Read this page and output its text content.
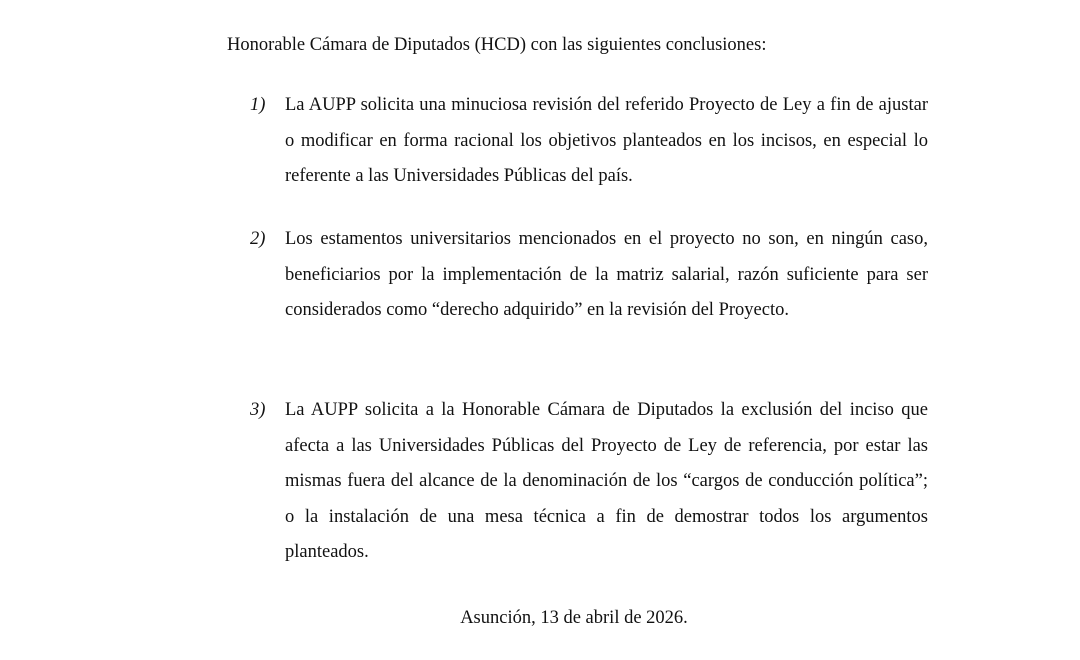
Honorable Cámara de Diputados (HCD) con las siguientes conclusiones:
1) La AUPP solicita una minuciosa revisión del referido Proyecto de Ley a fin de ajustar o modificar en forma racional los objetivos planteados en los incisos, en especial lo referente a las Universidades Públicas del país.
2) Los estamentos universitarios mencionados en el proyecto no son, en ningún caso, beneficiarios por la implementación de la matriz salarial, razón suficiente para ser considerados como “derecho adquirido” en la revisión del Proyecto.
3) La AUPP solicita a la Honorable Cámara de Diputados la exclusión del inciso que afecta a las Universidades Públicas del Proyecto de Ley de referencia, por estar las mismas fuera del alcance de la denominación de los “cargos de conducción política”; o la instalación de una mesa técnica a fin de demostrar todos los argumentos planteados.
Asunción, 13 de abril de 2026.
